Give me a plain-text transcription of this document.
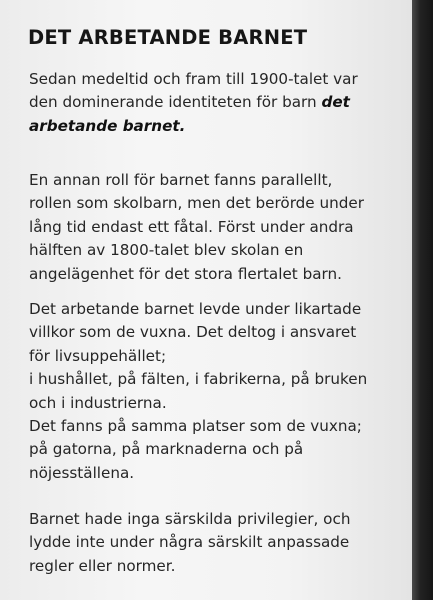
DET ARBETANDE BARNET

Sedan medeltid och fram till 1900-talet var
den dominerande identiteten för barn det
arbetande barnet.

En annan roll för barnet fanns parallellt,
rollen som skolbarn, men det berörde under
lång tid endast ett fåtal. Först under andra
hälften av 1800-talet blev skolan en
angelägenhet för det stora flertalet barn.

Det arbetande barnet levde under likartade
villkor som de vuxna. Det deltog i ansvaret
för livsuppehället;
i hushållet, på fälten, i fabrikerna, på bruken
och i industrierna.
Det fanns på samma platser som de vuxna;
på gatorna, på marknaderna och på
nöjesställena.

Barnet hade inga särskilda privilegier, och
lydde inte under några särskilt anpassade
regler eller normer.
